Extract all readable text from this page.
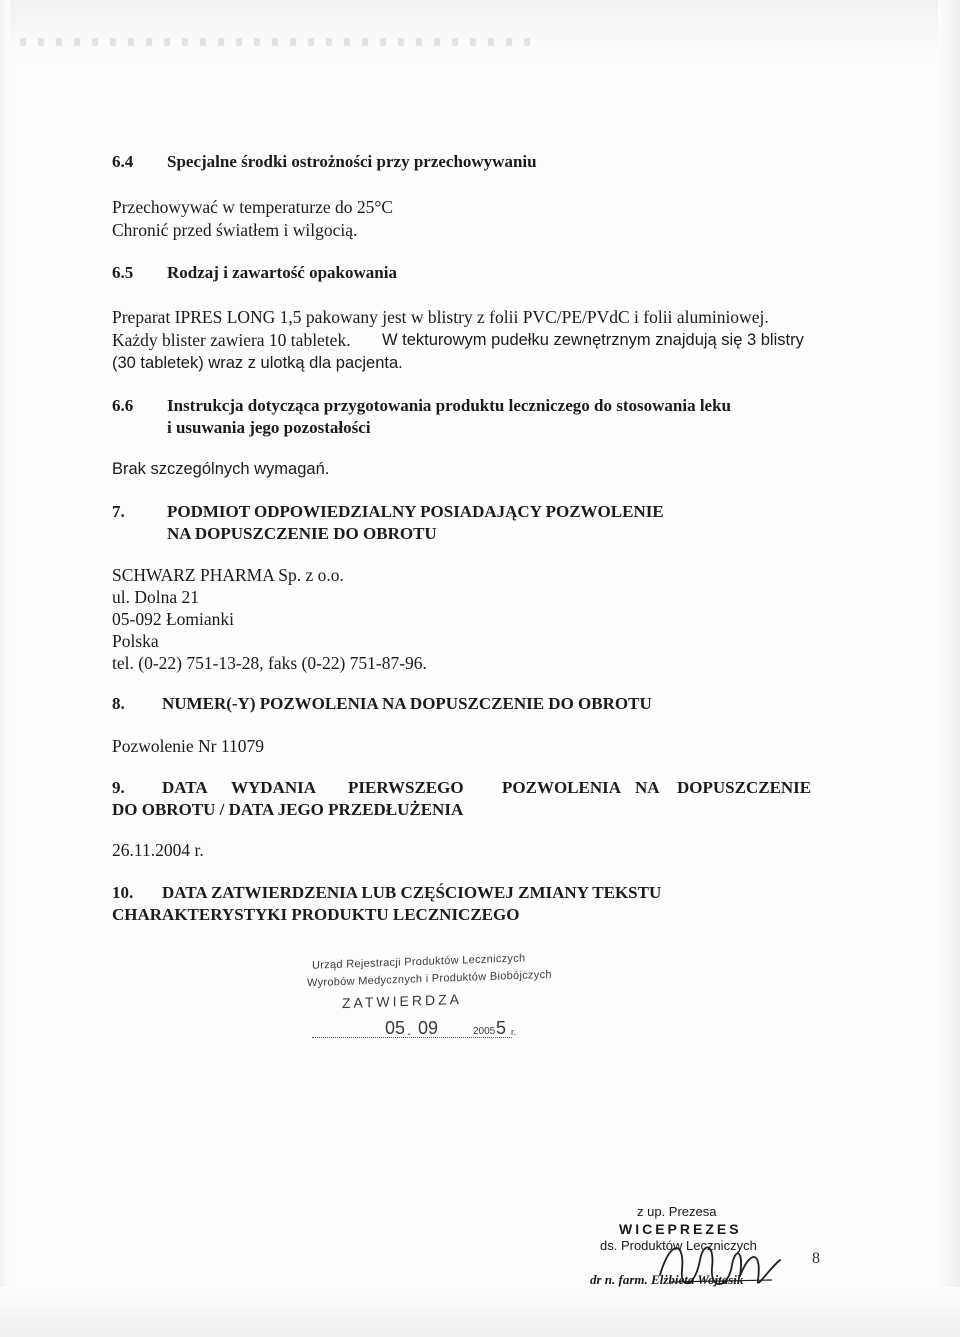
6.4 Specjalne środki ostrożności przy przechowywaniu
Przechowywać w temperaturze do 25°C
Chronić przed światłem i wilgocią.
6.5 Rodzaj i zawartość opakowania
Preparat IPRES LONG 1,5 pakowany jest w blistry z folii PVC/PE/PVdC i folii aluminiowej.
Każdy blister zawiera 10 tabletek. W tekturowym pudełku zewnętrznym znajdują się 3 blistry
(30 tabletek) wraz z ulotką dla pacjenta.
6.6 Instrukcja dotycząca przygotowania produktu leczniczego do stosowania leku
i usuwania jego pozostałości
Brak szczególnych wymagań.
7. PODMIOT ODPOWIEDZIALNY POSIADAJĄCY POZWOLENIE
NA DOPUSZCZENIE DO OBROTU
SCHWARZ PHARMA Sp. z o.o.
ul. Dolna 21
05-092 Łomianki
Polska
tel. (0-22) 751-13-28, faks (0-22) 751-87-96.
8. NUMER(-Y) POZWOLENIA NA DOPUSZCZENIE DO OBROTU
Pozwolenie Nr 11079
9. DATA WYDANIA PIERWSZEGO POZWOLENIA NA DOPUSZCZENIE
DO OBROTU / DATA JEGO PRZEDŁUŻENIA
26.11.2004 r.
10. DATA ZATWIERDZENIA LUB CZĘŚCIOWEJ ZMIANY TEKSTU
CHARAKTERYSTYKI PRODUKTU LECZNICZEGO
Urząd Rejestracji Produktów Leczniczych
Wyrobów Medycznych i Produktów Biobójczych
ZATWIERDZA
05 . 09	2005 5 r.
z up. Prezesa
WICEPREZES
ds. Produktów Leczniczych
dr n. farm. Elżbieta Wojtasik
8
